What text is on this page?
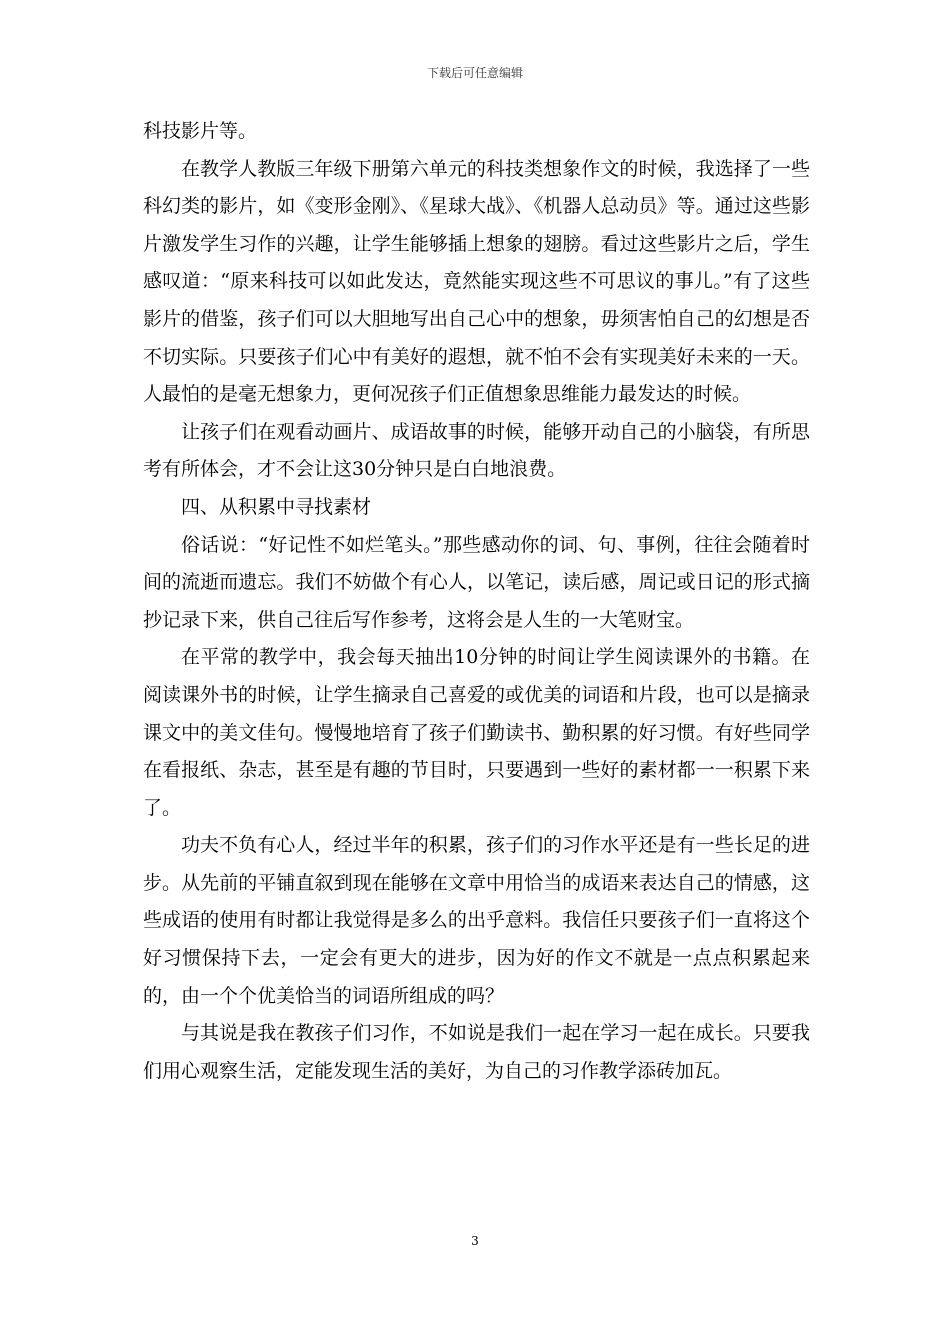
下载后可任意编辑

科技影片等。

在教学人教版三年级下册第六单元的科技类想象作文的时候，我选择了一些科幻类的影片，如《变形金刚》、《星球大战》、《机器人总动员》等。通过这些影片激发学生习作的兴趣，让学生能够插上想象的翅膀。看过这些影片之后，学生感叹道：“原来科技可以如此发达，竟然能实现这些不可思议的事儿。”有了这些影片的借鉴，孩子们可以大胆地写出自己心中的想象，毋须害怕自己的幻想是否不切实际。只要孩子们心中有美好的遐想，就不怕不会有实现美好未来的一天。人最怕的是毫无想象力，更何况孩子们正值想象思维能力最发达的时候。

让孩子们在观看动画片、成语故事的时候，能够开动自己的小脑袋，有所思考有所体会，才不会让这30分钟只是白白地浪费。

四、从积累中寻找素材

俗话说：“好记性不如烂笔头。”那些感动你的词、句、事例，往往会随着时间的流逝而遗忘。我们不妨做个有心人，以笔记，读后感，周记或日记的形式摘抄记录下来，供自己往后写作参考，这将会是人生的一大笔财宝。

在平常的教学中，我会每天抽出10分钟的时间让学生阅读课外的书籍。在阅读课外书的时候，让学生摘录自己喜爱的或优美的词语和片段，也可以是摘录课文中的美文佳句。慢慢地培育了孩子们勤读书、勤积累的好习惯。有好些同学在看报纸、杂志，甚至是有趣的节目时，只要遇到一些好的素材都一一积累下来了。

功夫不负有心人，经过半年的积累，孩子们的习作水平还是有一些长足的进步。从先前的平铺直叙到现在能够在文章中用恰当的成语来表达自己的情感，这些成语的使用有时都让我觉得是多么的出乎意料。我信任只要孩子们一直将这个好习惯保持下去，一定会有更大的进步，因为好的作文不就是一点点积累起来的，由一个个优美恰当的词语所组成的吗？

与其说是我在教孩子们习作，不如说是我们一起在学习一起在成长。只要我们用心观察生活，定能发现生活的美好，为自己的习作教学添砖加瓦。

3
